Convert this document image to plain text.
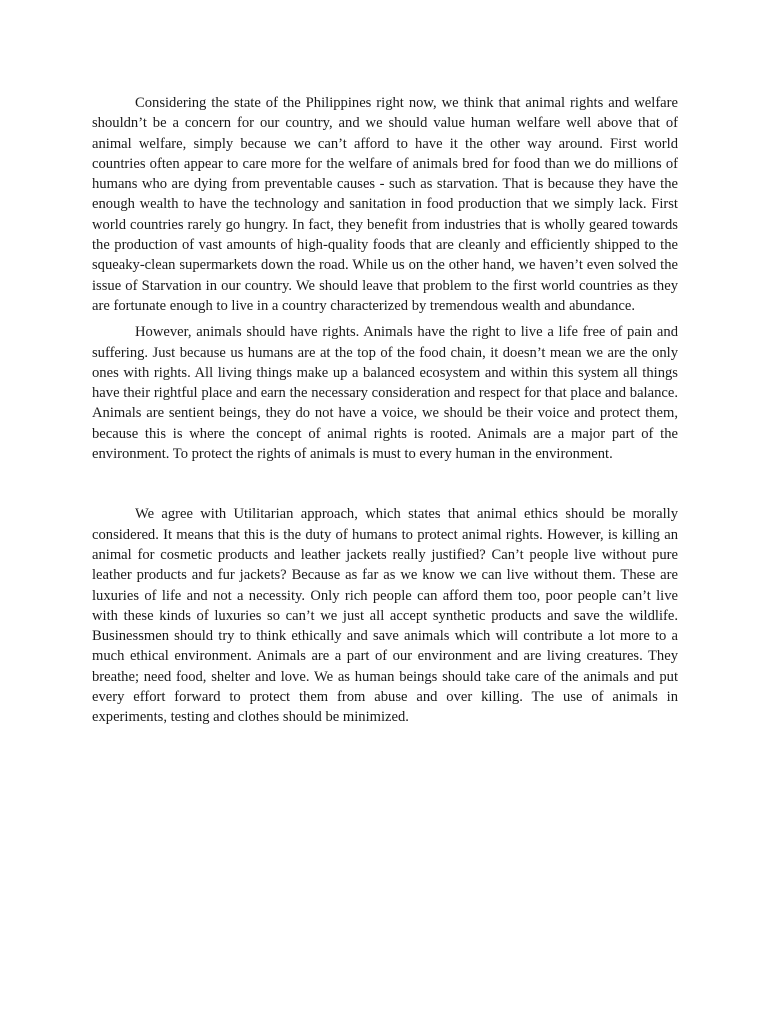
Considering the state of the Philippines right now, we think that animal rights and welfare shouldn’t be a concern for our country, and we should value human welfare well above that of animal welfare, simply because we can’t afford to have it the other way around. First world countries often appear to care more for the welfare of animals bred for food than we do millions of humans who are dying from preventable causes - such as starvation. That is because they have the enough wealth to have the technology and sanitation in food production that we simply lack. First world countries rarely go hungry. In fact, they benefit from industries that is wholly geared towards the production of vast amounts of high-quality foods that are cleanly and efficiently shipped to the squeaky-clean supermarkets down the road. While us on the other hand, we haven’t even solved the issue of Starvation in our country. We should leave that problem to the first world countries as they are fortunate enough to live in a country characterized by tremendous wealth and abundance.

However, animals should have rights. Animals have the right to live a life free of pain and suffering. Just because us humans are at the top of the food chain, it doesn’t mean we are the only ones with rights. All living things make up a balanced ecosystem and within this system all things have their rightful place and earn the necessary consideration and respect for that place and balance. Animals are sentient beings, they do not have a voice, we should be their voice and protect them, because this is where the concept of animal rights is rooted. Animals are a major part of the environment. To protect the rights of animals is must to every human in the environment.

We agree with Utilitarian approach, which states that animal ethics should be morally considered. It means that this is the duty of humans to protect animal rights. However, is killing an animal for cosmetic products and leather jackets really justified? Can’t people live without pure leather products and fur jackets? Because as far as we know we can live without them. These are luxuries of life and not a necessity. Only rich people can afford them too, poor people can’t live with these kinds of luxuries so can’t we just all accept synthetic products and save the wildlife. Businessmen should try to think ethically and save animals which will contribute a lot more to a much ethical environment. Animals are a part of our environment and are living creatures. They breathe; need food, shelter and love. We as human beings should take care of the animals and put every effort forward to protect them from abuse and over killing. The use of animals in experiments, testing and clothes should be minimized.
